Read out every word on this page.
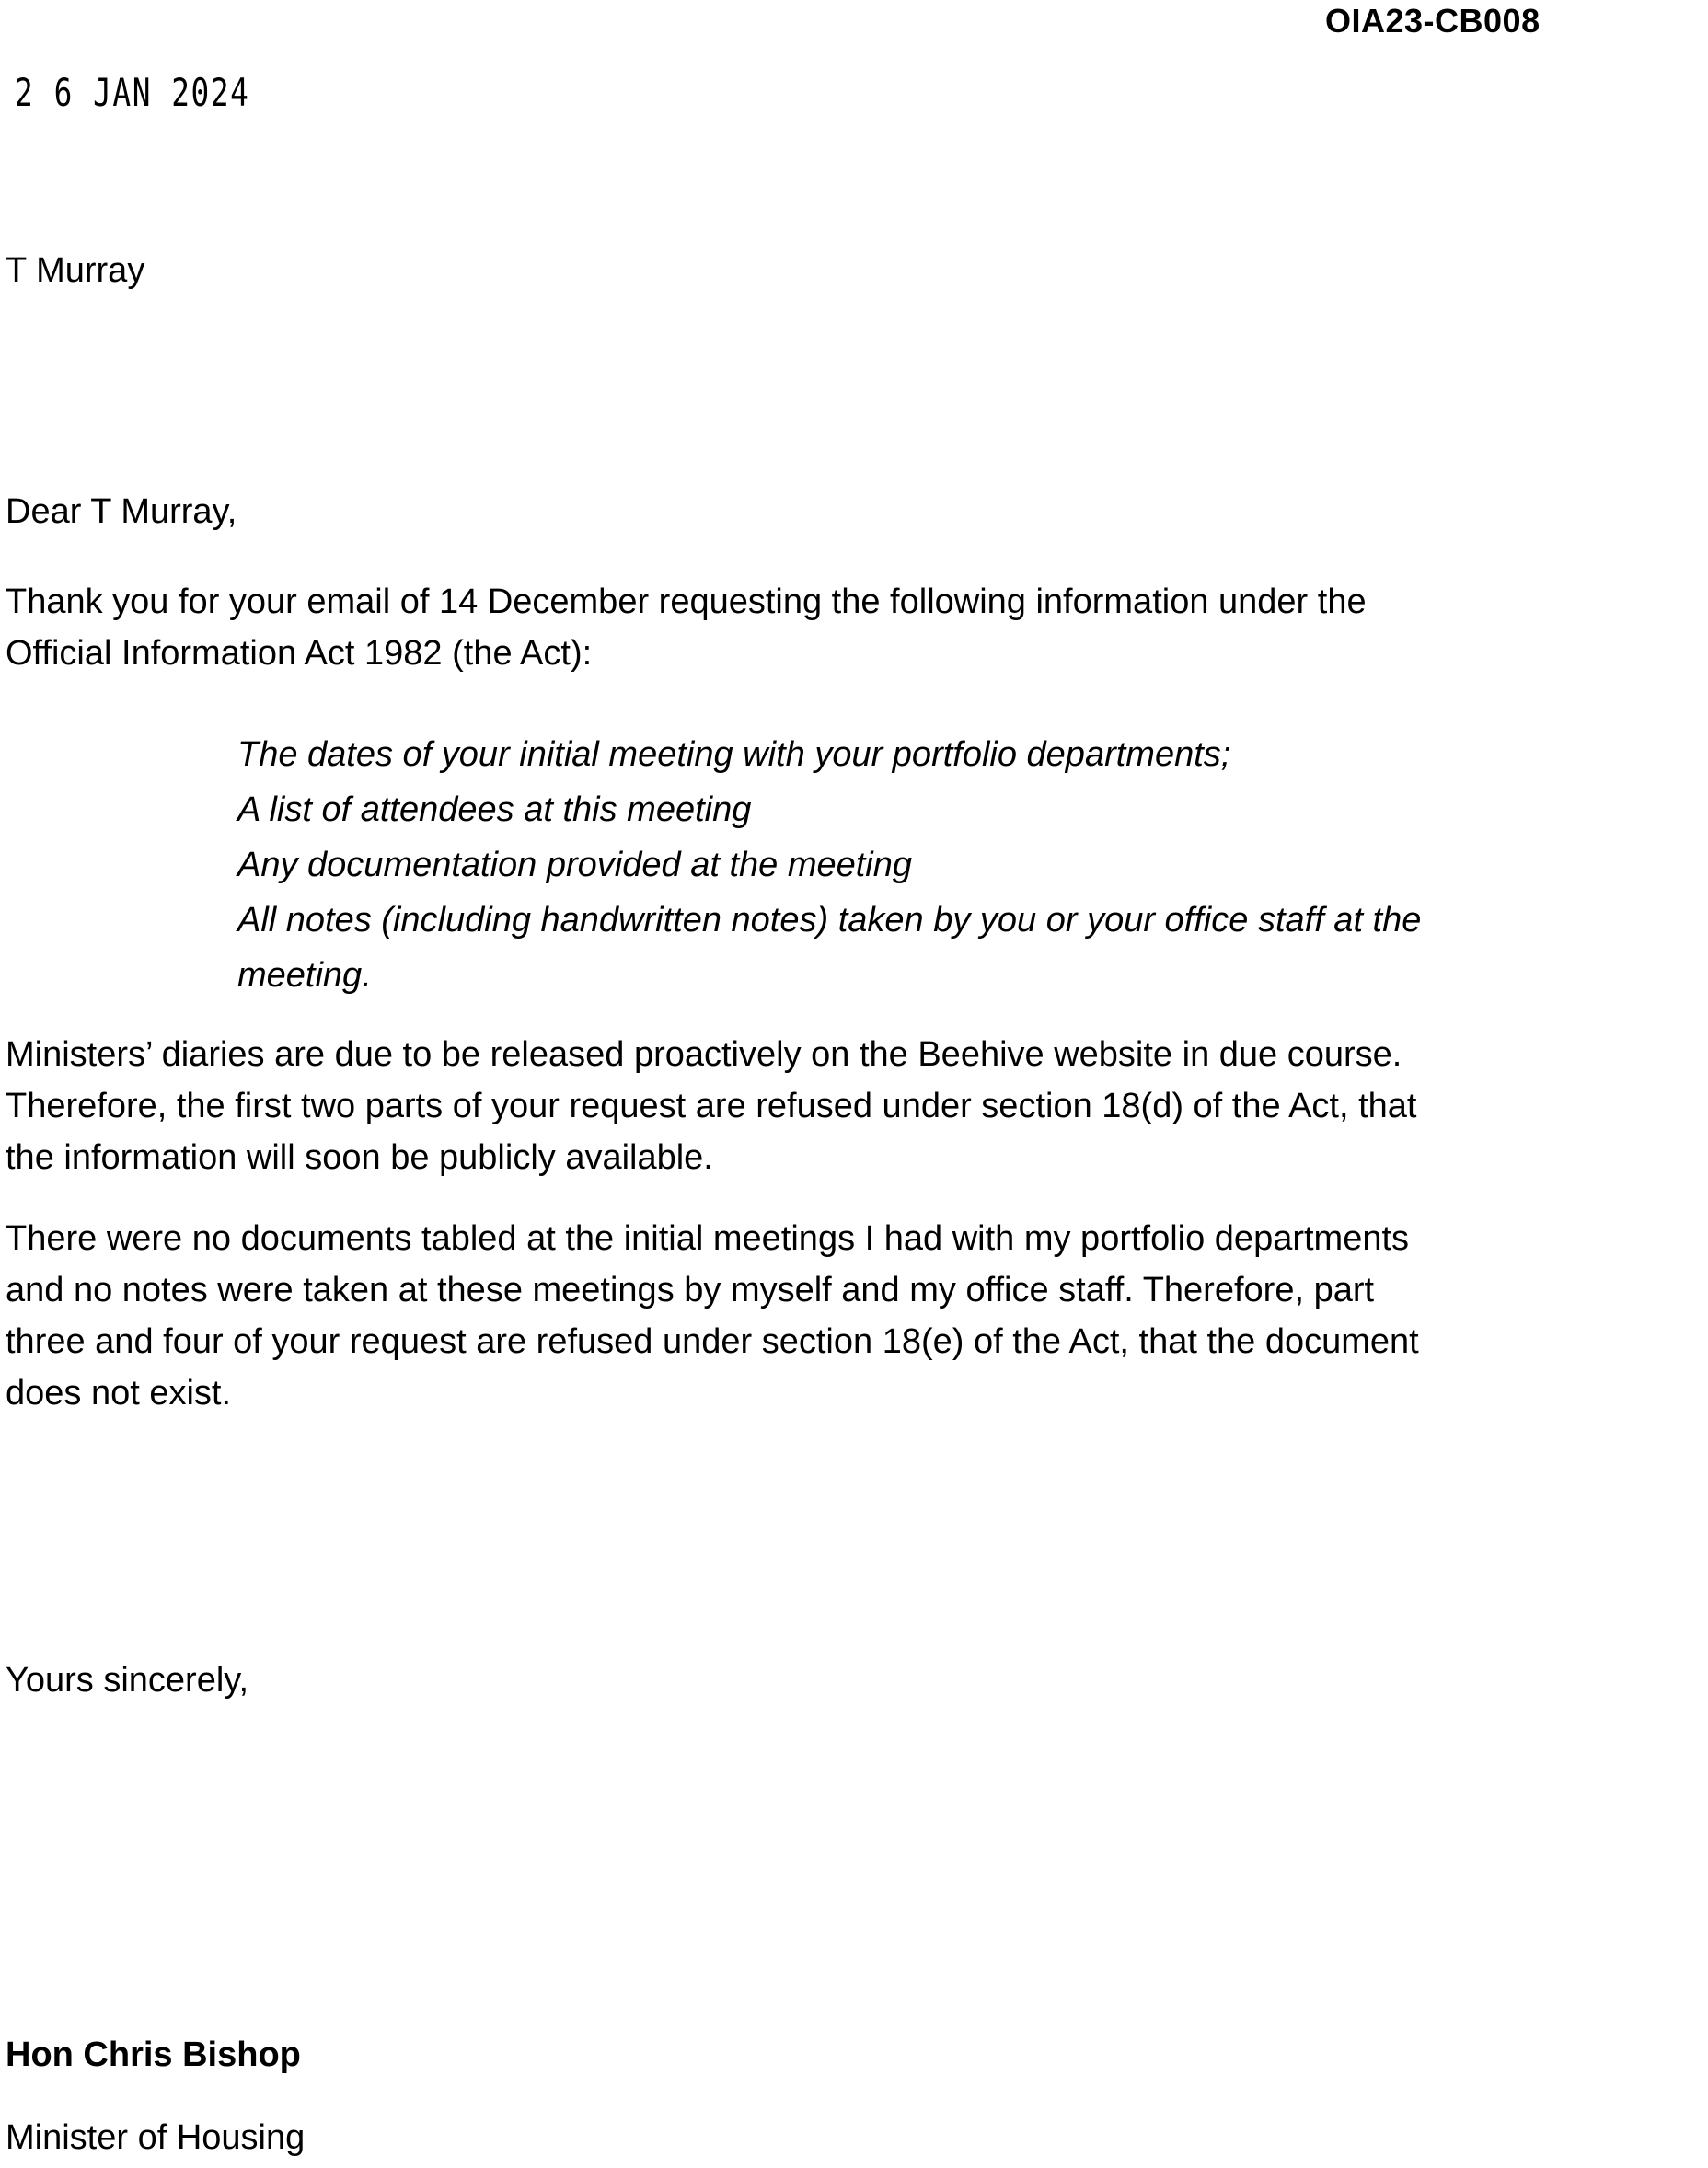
OIA23-CB008
2 6 JAN 2024
T Murray
Dear T Murray,

Thank you for your email of 14 December requesting the following information under the
Official Information Act 1982 (the Act):

The dates of your initial meeting with your portfolio departments;
A list of attendees at this meeting
Any documentation provided at the meeting
All notes (including handwritten notes) taken by you or your office staff at the
meeting.

Ministers’ diaries are due to be released proactively on the Beehive website in due course.
Therefore, the first two parts of your request are refused under section 18(d) of the Act, that
the information will soon be publicly available.

There were no documents tabled at the initial meetings I had with my portfolio departments
and no notes were taken at these meetings by myself and my office staff. Therefore, part
three and four of your request are refused under section 18(e) of the Act, that the document
does not exist.

Yours sincerely,
Hon Chris Bishop
Minister of Housing
